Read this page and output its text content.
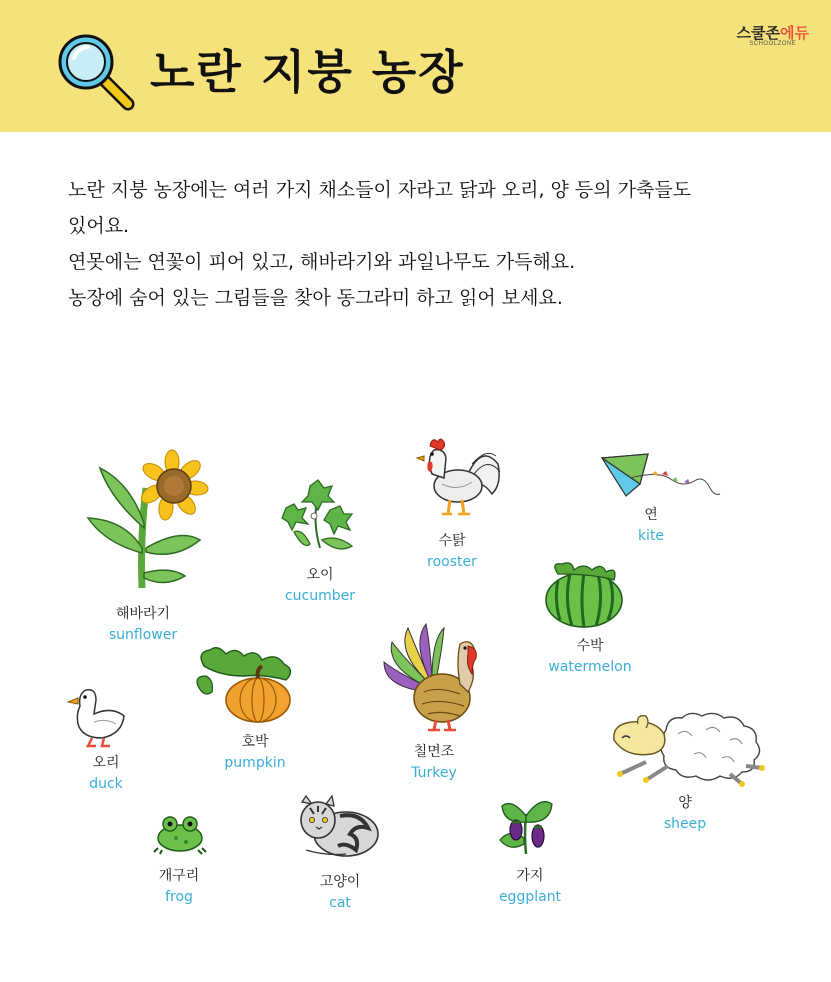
노란 지붕 농장
스쿨존에듀
SCHOOLZONE
노란 지붕 농장에는 여러 가지 채소들이 자라고 닭과 오리, 양 등의 가축들도
있어요.
연못에는 연꽃이 피어 있고, 해바라기와 과일나무도 가득해요.
농장에 숨어 있는 그림들을 찾아 동그라미 하고 읽어 보세요.
해바라기
sunflower
오이
cucumber
수탉
rooster
연
kite
수박
watermelon
오리
duck
호박
pumpkin
칠면조
Turkey
양
sheep
개구리
frog
고양이
cat
가지
eggplant
